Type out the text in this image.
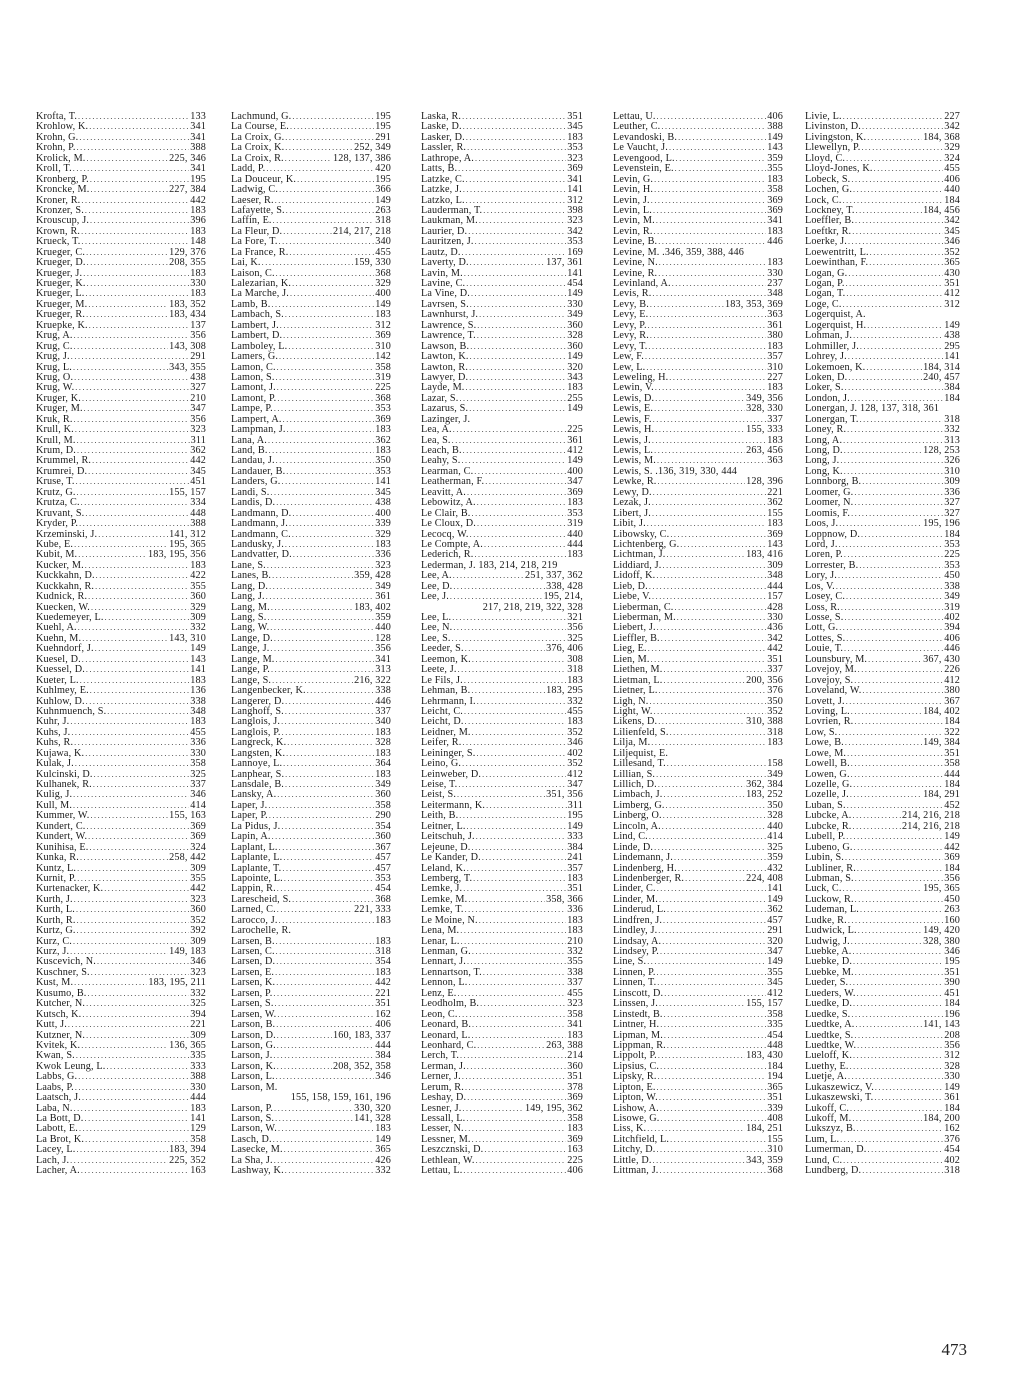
Krofta, T. .....	133
Krohlow, K. .....	341
Krohn, G. .....	341
Krohn, P. .....	388
Krolick, M. .....	225, 346
Kroll, T. .....	341
Kronberg, P. .....	195
Kroncke, M. .....	227, 384
Kroner, R. .....	442
Kronzer, S. .....	183
Krouscup, J. .....	396
Krown, R. .....	183
Krueck, T. .....	148
Krueger, C. .....	129, 376
Krueger, D. .....	208, 355
Krueger, J. .....	183
Krueger, K. .....	330
Krueger, L. .....	183
Krueger, M. .....	183, 352
Krueger, R. .....	183, 434
Kruepke, K. .....	137
Krug, A. .....	356
Krug, C. .....	143, 308
Krug, J. .....	291
Krug, L. .....	343, 355
Krug, O. .....	438
Krug, W. .....	327
Kruger, K. .....	210
Kruger, M. .....	347
Kruk, R. .....	356
Krull, K. .....	323
Krull, M. .....	311
Krum, D. .....	362
Krummel, R. .....	442
Krumrei, D. .....	345
Kruse, T. .....	451
Krutz, G. .....	155, 157
Krutza, C. .....	334
Kruvant, S. .....	448
Kryder, P. .....	388
Krzeminski, J. .....	141, 312
Kube, E. .....	195, 365
Kubit, M. .....	183, 195, 356
Kucker, M. .....	183
Kuckkahn, D. .....	422
Kuckkahn, R. .....	355
Kudnick, R. .....	360
Kuecken, W. .....	329
Kuedemeyer, L. .....	309
Kuehl, A. .....	332
Kuehn, M. .....	143, 310
Kuehndorf, J. .....	149
Kuesel, D. .....	143
Kuessel, D. .....	141
Kueter, L. .....	183
Kuhlmey, E. .....	136
Kuhlow, D. .....	338
Kuhnmuench, S. .....	348
Kuhr, J. .....	183
Kuhs, J. .....	455
Kuhs, R. .....	336
Kujawa, K. .....	330
Kulak, J. .....	358
Kulcinski, D. .....	325
Kulhanek, R. .....	337
Kulig, J. .....	346
Kull, M. .....	414
Kummer, W. .....	155, 163
Kundert, C. .....	369
Kundert, W. .....	369
Kunihisa, E. .....	324
Kunka, R. .....	258, 442
Kuntz, L. .....	309
Kurnit, P. .....	355
Kurtenacker, K. .....	442
Kurth, J. .....	323
Kurth, L. .....	360
Kurth, R. .....	352
Kurtz, G. .....	392
Kurz, C. .....	309
Kurz, J. .....	149, 183
Kuscevich, N. .....	346
Kuschner, S. .....	323
Kust, M. .....	183, 195, 211
Kusumo, B. .....	332
Kutcher, N. .....	325
Kutsch, K. .....	394
Kutt, J. .....	221
Kutzner, N. .....	309
Kvitek, K. .....	136, 365
Kwan, S. .....	335
Kwok Leung, L. .....	333
Labbs, G. .....	388
Laabs, P. .....	330
Laatsch, J. .....	444
Laba, N. .....	183
La Bott, D. .....	141
Labott, E. .....	129
La Brot, K. .....	358
Lacey, L. .....	183, 394
Lach, J. .....	225, 352
Lacher, A. .....	163
Lachmund, G. .....	195
La Course, E. .....	195
La Croix, G. .....	291
La Croix, K. .....	252, 349
La Croix, R. .....	128, 137, 386
Ladd, P. .....	420
La Douceur, K. .....	195
Ladwig, C. .....	366
Laeser, R. .....	149
Lafayette, S. .....	263
Laffin, E. .....	318
La Fleur, D. .....	214, 217, 218
La Fore, T. .....	340
La France, R. .....	455
Lai, K. .....	159, 330
Laison, C. .....	368
Lalezarian, K. .....	329
La Marche, J. .....	400
Lamb, B. .....	149
Lambach, S. .....	183
Lambert, J. .....	312
Lambert, D. .....	369
Lamboley, L. .....	310
Lamers, G. .....	142
Lamon, C. .....	358
Lamon, S. .....	319
Lamont, J. .....	225
Lamont, P. .....	368
Lampe, P. .....	353
Lampert, A. .....	369
Lampman, J. .....	183
Lana, A. .....	362
Land, B. .....	183
Landau, J. .....	350
Landauer, B. .....	353
Landers, G. .....	141
Landi, S. .....	345
Landis, D. .....	438
Landmann, D. .....	400
Landmann, J. .....	339
Landmann, C. .....	329
Landusky, J. .....	183
Landvatter, D. .....	336
Lane, S. .....	323
Lanes, B. .....	359, 428
Lang, D. .....	349
Lang, J. .....	361
Lang, M. .....	183, 402
Lang, S. .....	359
Lang, W. .....	440
Lange, D. .....	128
Lange, J. .....	356
Lange, M. .....	341
Lange, P. .....	313
Lange, S. .....	216, 322
Langenbecker, K. .....	338
Langerer, D. .....	446
Langhoff, S. .....	337
Langlois, J. .....	340
Langlois, P. .....	183
Langreck, K. .....	328
Langsten, K. .....	183
Lannoye, L. .....	364
Lanphear, S. .....	183
Lansdale, B. .....	349
Lansky, A. .....	360
Laper, J. .....	358
Laper, P. .....	290
La Pidus, J. .....	354
Lapin, A. .....	360
Laplant, L. .....	367
Laplante, L. .....	457
Laplante, T. .....	457
Lapointe, L. .....	353
Lappin, R. .....	454
Larescheid, S. .....	368
Larned, C. .....	221, 333
Larocco, J. .....	183
Larochelle, R.
Larsen, B. .....	183
Larsen, C. .....	318
Larsen, D. .....	354
Larsen, E. .....	183
Larsen, K. .....	442
Larsen, P. .....	221
Larsen, S. .....	351
Larsen, W. .....	162
Larson, B. .....	406
Larson, D. .....	160, 183, 337
Larson, G. .....	444
Larson, J. .....	384
Larson, K. .....	208, 352, 358
Larson, L. .....	346
Larson, M.
155, 158, 159, 161, 196
Larson, P. .....	330, 320
Larson, S. .....	141, 328
Larson, W. .....	183
Lasch, D. .....	149
Lasecke, M. .....	365
La Sha, J. .....	426
Lashway, K. .....	332
Laska, R. .....	351
Laske, D. .....	345
Lasker, D. .....	183
Lassler, R. .....	353
Lathrope, A. .....	323
Latts, B. .....	369
Latzke, C. .....	341
Latzke, J. .....	141
Latzko, L. .....	312
Lauderman, T. .....	398
Laukman, M. .....	323
Laurier, D. .....	342
Lauritzen, J. .....	353
Lautz, D. .....	169
Laverty, D. .....	137, 361
Lavin, M. .....	141
Lavine, C. .....	454
La Vine, D. .....	149
Lavrsen, S. .....	330
Lawnhurst, J. .....	349
Lawrence, S. .....	360
Lawrence, T. .....	328
Lawson, B. .....	360
Lawton, K. .....	149
Lawton, R. .....	320
Lawyer, D. .....	343
Layde, M. .....	183
Lazar, S. .....	255
Lazarus, S. .....	149
Lazinger, J.
Lea, A. .....	225
Lea, S. .....	361
Leach, B. .....	412
Leahy, S. .....	149
Learman, C. .....	400
Leatherman, F. .....	347
Leavitt, A. .....	369
Lebowitz, A. .....	183
Le Clair, B. .....	353
Le Cloux, D. .....	319
Lecocq, W. .....	440
Le Compte, A. .....	444
Lederich, R. .....	183
Lederman, J. 183, 214, 218, 219
Lee, A. .....	251, 337, 362
Lee, D. .....	338, 428
Lee, J. .....	195, 214,
217, 218, 219, 322, 328
Lee, L. .....	321
Lee, N. .....	356
Lee, S. .....	325
Leeder, S. .....	376, 406
Leemon, K. .....	308
Leete, J. .....	318
Le Fils, J. .....	183
Lehman, B. .....	183, 295
Lehrmann, I. .....	332
Leicht, C. .....	455
Leicht, D. .....	183
Leidner, M. .....	352
Leifer, R. .....	346
Leininger, S. .....	402
Leino, G. .....	352
Leinweber, D. .....	412
Leise, T. .....	347
Leist, S. .....	351, 356
Leitermann, K. .....	311
Leith, B. .....	195
Leitner, L. .....	149
Leitschuh, J. .....	333
Lejeune, D. .....	384
Le Kander, D. .....	241
Leland, K. .....	357
Lemberg, T. .....	183
Lemke, J. .....	351
Lemke, M. .....	358, 366
Lemke, T. .....	336
Le Moine, N. .....	183
Lena, M. .....	183
Lenar, L. .....	210
Lenman, G. .....	332
Lennart, J. .....	355
Lennartson, T. .....	338
Lennon, L. .....	337
Lenz, E. .....	455
Leodholm, B. .....	323
Leon, C. .....	358
Leonard, B. .....	341
Leonard, L. .....	183
Leonhard, C. .....	263, 388
Lerch, T. .....	214
Lerman, J. .....	360
Lerner, J. .....	351
Lerum, R. .....	378
Leshay, D. .....	369
Lesner, J. .....	149, 195, 362
Lessall, L. .....	358
Lesser, N. .....	183
Lessner, M. .....	369
Leszcznski, D. .....	163
Lethlean, W. .....	225
Lettau, L. .....	406
Lettau, U. .....	406
Leuther, C. .....	388
Levandoski, B. .....	149
Le Vaucht, J. .....	143
Levengood, L. .....	359
Levenstein, E. .....	355
Levin, G. .....	183
Levin, H. .....	358
Levin, J. .....	369
Levin, L. .....	369
Levin, M. .....	341
Levin, R. .....	183
Levine, B. .....	446
Levine, M. .346, 359, 388, 446
Levine, N. .....	183
Levine, R. .....	330
Levinland, A. .....	237
Levis, R. .....	348
Levy, B. .....	183, 353, 369
Levy, E. .....	363
Levy, P. .....	361
Levy, R. .....	380
Levy, T. .....	183
Lew, F. .....	357
Lew, L. .....	310
Leweling, H. .....	227
Lewin, V. .....	183
Lewis, D. .....	349, 356
Lewis, E. .....	328, 330
Lewis, F. .....	337
Lewis, H. .....	155, 333
Lewis, J. .....	183
Lewis, L. .....	263, 456
Lewis, M. .....	363
Lewis, S. .136, 319, 330, 444
Lewke, R. .....	128, 396
Lewy, D. .....	221
Lezak, J. .....	362
Libert, J. .....	155
Libit, J. .....	183
Libowsky, C. .....	369
Lichtenberg, G. .....	143
Lichtman, J. .....	183, 416
Liddiard, J. .....	309
Lidoff, K. .....	348
Lieb, D. .....	444
Liebe, V. .....	157
Lieberman, C. .....	428
Lieberman, M. .....	330
Liebert, J. .....	436
Lieffler, B. .....	342
Lieg, E. .....	442
Lien, M. .....	351
Liethen, M. .....	337
Lietman, L. .....	200, 356
Lietner, L. .....	376
Ligh, N. .....	350
Light, W. .....	352
Likens, D. .....	310, 388
Lilienfeld, S. .....	318
Lilja, M. .....	183
Liljequist, E.
Lillesand, T. .....	158
Lillian, S. .....	349
Lillich, D. .....	362, 384
Limbach, J. .....	183, 252
Limberg, G. .....	350
Linberg, O. .....	328
Lincoln, A. .....	440
Lind, C. .....	414
Linde, D. .....	325
Lindemann, J. .....	359
Lindenberg, H. .....	432
Lindenberger, R. .....	224, 408
Linder, C. .....	141
Linder, M. .....	149
Linderud, L. .....	362
Lindfren, J. .....	457
Lindley, J. .....	291
Lindsay, A. .....	320
Lindsey, P. .....	347
Line, S. .....	149
Linnen, P. .....	355
Linnen, T. .....	345
Linscott, D. .....	412
Linssen, J. .....	155, 157
Linstedt, B. .....	358
Lintner, H. .....	335
Lipman, M. .....	454
Lippman, R. .....	448
Lippolt, P. .....	183, 430
Lipsius, C. .....	184
Lipsky, R. .....	194
Lipton, E. .....	365
Lipton, W. .....	351
Lishow, A. .....	339
Lisowe, G. .....	408
Liss, K. .....	184, 251
Litchfield, L. .....	155
Litchy, D. .....	310
Little, D. .....	343, 359
Littman, J. .....	368
Livie, L. .....	227
Livinston, D. .....	342
Livingston, K. .....	184, 368
Llewellyn, P. .....	329
Lloyd, C. .....	324
Lloyd-Jones, K. .....	455
Lobeck, S. .....	406
Lochen, G. .....	440
Lock, C. .....	184
Lockney, T. .....	184, 456
Loeffler, B. .....	342
Loeftkr, R. .....	345
Loerke, J. .....	346
Loewentritt, L. .....	352
Loewinthan, F. .....	365
Logan, G. .....	430
Logan, P. .....	351
Logan, T. .....	412
Loge, C. .....	312
Logerquist, A.
Logerquist, H. .....	149
Lohman, J. .....	438
Lohmiller, J. .....	295
Lohrey, J. .....	141
Lokemoen, K. .....	184, 314
Loken, D. .....	240, 457
Loker, S. .....	384
London, J. .....	184
Lonergan, J. 128, 137, 318, 361
Lonergan, T. .....	318
Loney, R. .....	332
Long, A. .....	313
Long, D. .....	128, 253
Long, J. .....	326
Long, K. .....	310
Lonnborg, B. .....	309
Loomer, G. .....	336
Loomer, N. .....	327
Loomis, F. .....	327
Loos, J. .....	195, 196
Loppnow, D. .....	184
Lord, J. .....	353
Loren, P. .....	225
Lorrester, B. .....	353
Lory, J. .....	450
Los, V. .....	338
Losey, C. .....	349
Loss, R. .....	319
Losse, S. .....	402
Lott, G. .....	394
Lottes, S. .....	406
Louie, T. .....	446
Lounsbury, M. .....	367, 430
Lovejoy, M. .....	226
Lovejoy, S. .....	412
Loveland, W. .....	380
Lovett, J. .....	367
Loving, L. .....	184, 402
Lovrien, R. .....	184
Low, S. .....	322
Lowe, B. .....	149, 384
Lowe, M. .....	351
Lowell, B. .....	358
Lowen, G. .....	444
Lozelle, G. .....	184
Lozelle, J. .....	184, 291
Luban, S. .....	452
Lubcke, A. .....	214, 216, 218
Lubcke, R. .....	214, 216, 218
Lubell, P. .....	149
Lubeno, G. .....	442
Lubin, S. .....	369
Lubliner, R. .....	184
Lubman, S. .....	356
Luck, C. .....	195, 365
Luckow, R. .....	450
Ludeman, L. .....	263
Ludke, R. .....	160
Ludwick, L. .....	149, 420
Ludwig, J. .....	328, 380
Luebke, A. .....	346
Luebke, D. .....	195
Luebke, M. .....	351
Lueder, S. .....	390
Lueders, W. .....	451
Luedke, D. .....	184
Luedke, S. .....	196
Luedtke, A. .....	141, 143
Luedtke, S. .....	208
Luedtke, W. .....	356
Lueloff, K. .....	312
Luethy, E. .....	328
Luetje, A. .....	330
Lukaszewicz, V. .....	149
Lukaszewski, T. .....	361
Lukoff, C. .....	184
Lukoff, M. .....	184, 200
Lukszyz, B. .....	162
Lum, L. .....	376
Lumerman, D. .....	454
Lund, C. .....	402
Lundberg, D. .....	318
473
